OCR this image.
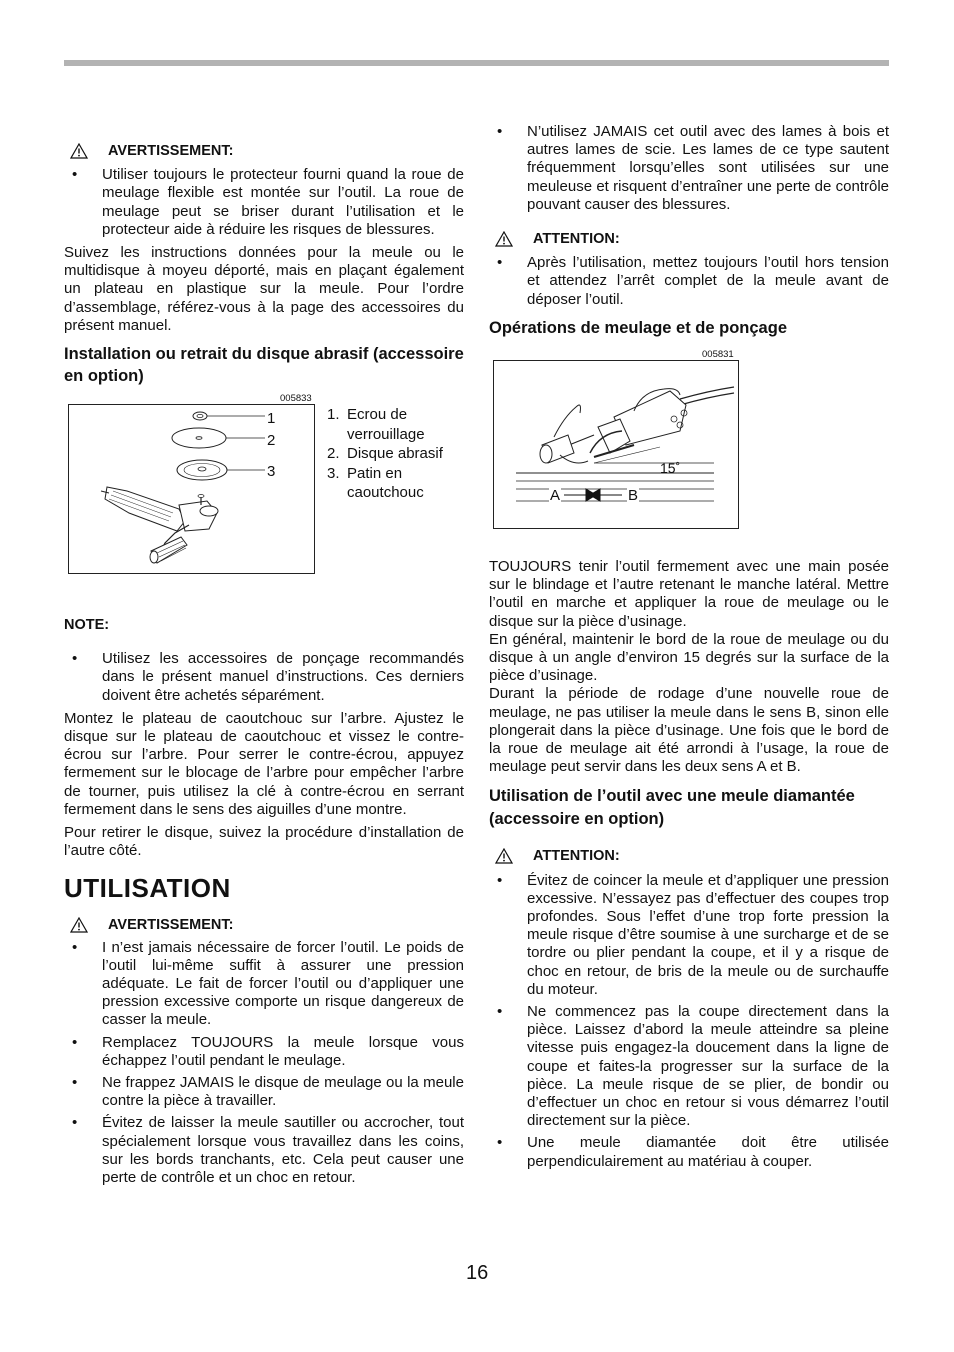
AVERTISSEMENT:
•	Utiliser toujours le protecteur fourni quand la roue de meulage flexible est montée sur l’outil. La roue de meulage peut se briser durant l’utilisation et le protecteur aide à réduire les risques de blessures.

Suivez les instructions données pour la meule ou le multidisque à moyeu déporté, mais en plaçant également un plateau en plastique sur la meule. Pour l’ordre d’assemblage, référez-vous à la page des accessoires du présent manuel.

Installation ou retrait du disque abrasif (accessoire en option)
005833
1
2
3
1. Ecrou de verrouillage
2. Disque abrasif
3. Patin en caoutchouc
NOTE:
•	Utilisez les accessoires de ponçage recommandés dans le présent manuel d’instructions. Ces derniers doivent être achetés séparément.

Montez le plateau de caoutchouc sur l’arbre. Ajustez le disque sur le plateau de caoutchouc et vissez le contre-écrou sur l’arbre. Pour serrer le contre-écrou, appuyez fermement sur le blocage de l’arbre pour empêcher l’arbre de tourner, puis utilisez la clé à contre-écrou en serrant fermement dans le sens des aiguilles d’une montre.

Pour retirer le disque, suivez la procédure d’installation de l’autre côté.

UTILISATION
AVERTISSEMENT:
•	I n’est jamais nécessaire de forcer l’outil. Le poids de l’outil lui-même suffit à assurer une pression adéquate. Le fait de forcer l’outil ou d’appliquer une pression excessive comporte un risque dangereux de casser la meule.
•	Remplacez TOUJOURS la meule lorsque vous échappez l’outil pendant le meulage.
•	Ne frappez JAMAIS le disque de meulage ou la meule contre la pièce à travailler.
•	Évitez de laisser la meule sautiller ou accrocher, tout spécialement lorsque vous travaillez dans les coins, sur les bords tranchants, etc. Cela peut causer une perte de contrôle et un choc en retour.
•	N’utilisez JAMAIS cet outil avec des lames à bois et autres lames de scie. Les lames de ce type sautent fréquemment lorsqu’elles sont utilisées sur une meuleuse et risquent d’entraîner une perte de contrôle pouvant causer des blessures.
ATTENTION:
•	Après l’utilisation, mettez toujours l’outil hors tension et attendez l’arrêt complet de la meule avant de déposer l’outil.
Opérations de meulage et de ponçage
005831
15˚
A	B

TOUJOURS tenir l’outil fermement avec une main posée sur le blindage et l’autre retenant le manche latéral. Mettre l’outil en marche et appliquer la roue de meulage ou le disque sur la pièce d’usinage.

En général, maintenir le bord de la roue de meulage ou du disque à un angle d’environ 15 degrés sur la surface de la pièce d’usinage.

Durant la période de rodage d’une nouvelle roue de meulage, ne pas utiliser la meule dans le sens B, sinon elle plongerait dans la pièce d’usinage. Une fois que le bord de la roue de meulage ait été arrondi à l’usage, la roue de meulage peut servir dans les deux sens A et B.

Utilisation de l’outil avec une meule diamantée (accessoire en option)
ATTENTION:
•	Évitez de coincer la meule et d’appliquer une pression excessive. N’essayez pas d’effectuer des coupes trop profondes. Sous l’effet d’une trop forte pression la meule risque d’être soumise à une surcharge et de se tordre ou plier pendant la coupe, et il y a risque de choc en retour, de bris de la meule ou de surchauffe du moteur.
•	Ne commencez pas la coupe directement dans la pièce. Laissez d’abord la meule atteindre sa pleine vitesse puis engagez-la doucement dans la ligne de coupe et faites-la progresser sur la surface de la pièce. La meule risque de se plier, de bondir ou d’effectuer un choc en retour si vous démarrez l’outil directement sur la pièce.
•	Une meule diamantée doit être utilisée perpendiculairement au matériau à couper.
16
